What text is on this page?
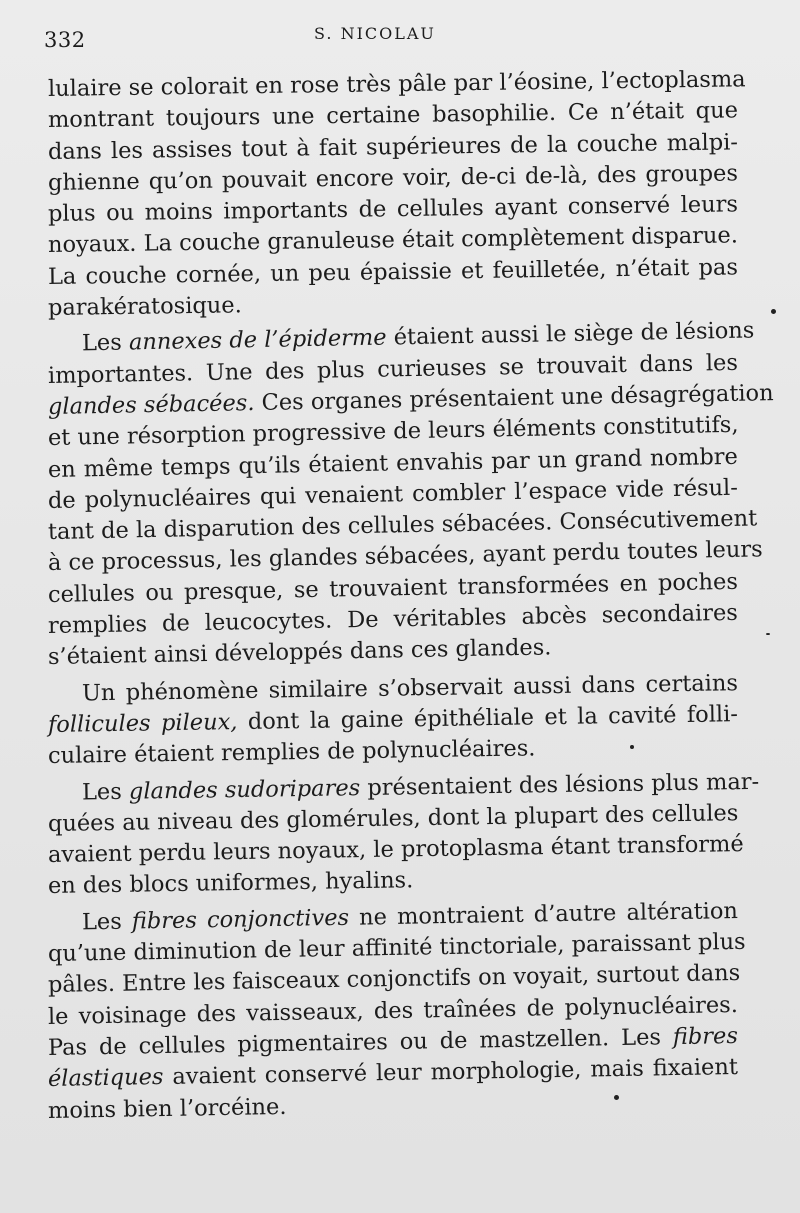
332	S. NICOLAU

lulaire se colorait en rose très pâle par l’éosine, l’ectoplasma
montrant toujours une certaine basophilie. Ce n’était que
dans les assises tout à fait supérieures de la couche malpi-
ghienne qu’on pouvait encore voir, de-ci de-là, des groupes
plus ou moins importants de cellules ayant conservé leurs
noyaux. La couche granuleuse était complètement disparue.
La couche cornée, un peu épaissie et feuilletée, n’était pas
parakératosique.

Les annexes de l’épiderme étaient aussi le siège de lésions
importantes. Une des plus curieuses se trouvait dans les
glandes sébacées. Ces organes présentaient une désagrégation
et une résorption progressive de leurs éléments constitutifs,
en même temps qu’ils étaient envahis par un grand nombre
de polynucléaires qui venaient combler l’espace vide résul-
tant de la disparution des cellules sébacées. Consécutivement
à ce processus, les glandes sébacées, ayant perdu toutes leurs
cellules ou presque, se trouvaient transformées en poches
remplies de leucocytes. De véritables abcès secondaires
s’étaient ainsi développés dans ces glandes.

Un phénomène similaire s’observait aussi dans certains
follicules pileux, dont la gaine épithéliale et la cavité folli-
culaire étaient remplies de polynucléaires.

Les glandes sudoripares présentaient des lésions plus mar-
quées au niveau des glomérules, dont la plupart des cellules
avaient perdu leurs noyaux, le protoplasma étant transformé
en des blocs uniformes, hyalins.

Les fibres conjonctives ne montraient d’autre altération
qu’une diminution de leur affinité tinctoriale, paraissant plus
pâles. Entre les faisceaux conjonctifs on voyait, surtout dans
le voisinage des vaisseaux, des traînées de polynucléaires.
Pas de cellules pigmentaires ou de mastzellen. Les fibres
élastiques avaient conservé leur morphologie, mais fixaient
moins bien l’orcéine.
